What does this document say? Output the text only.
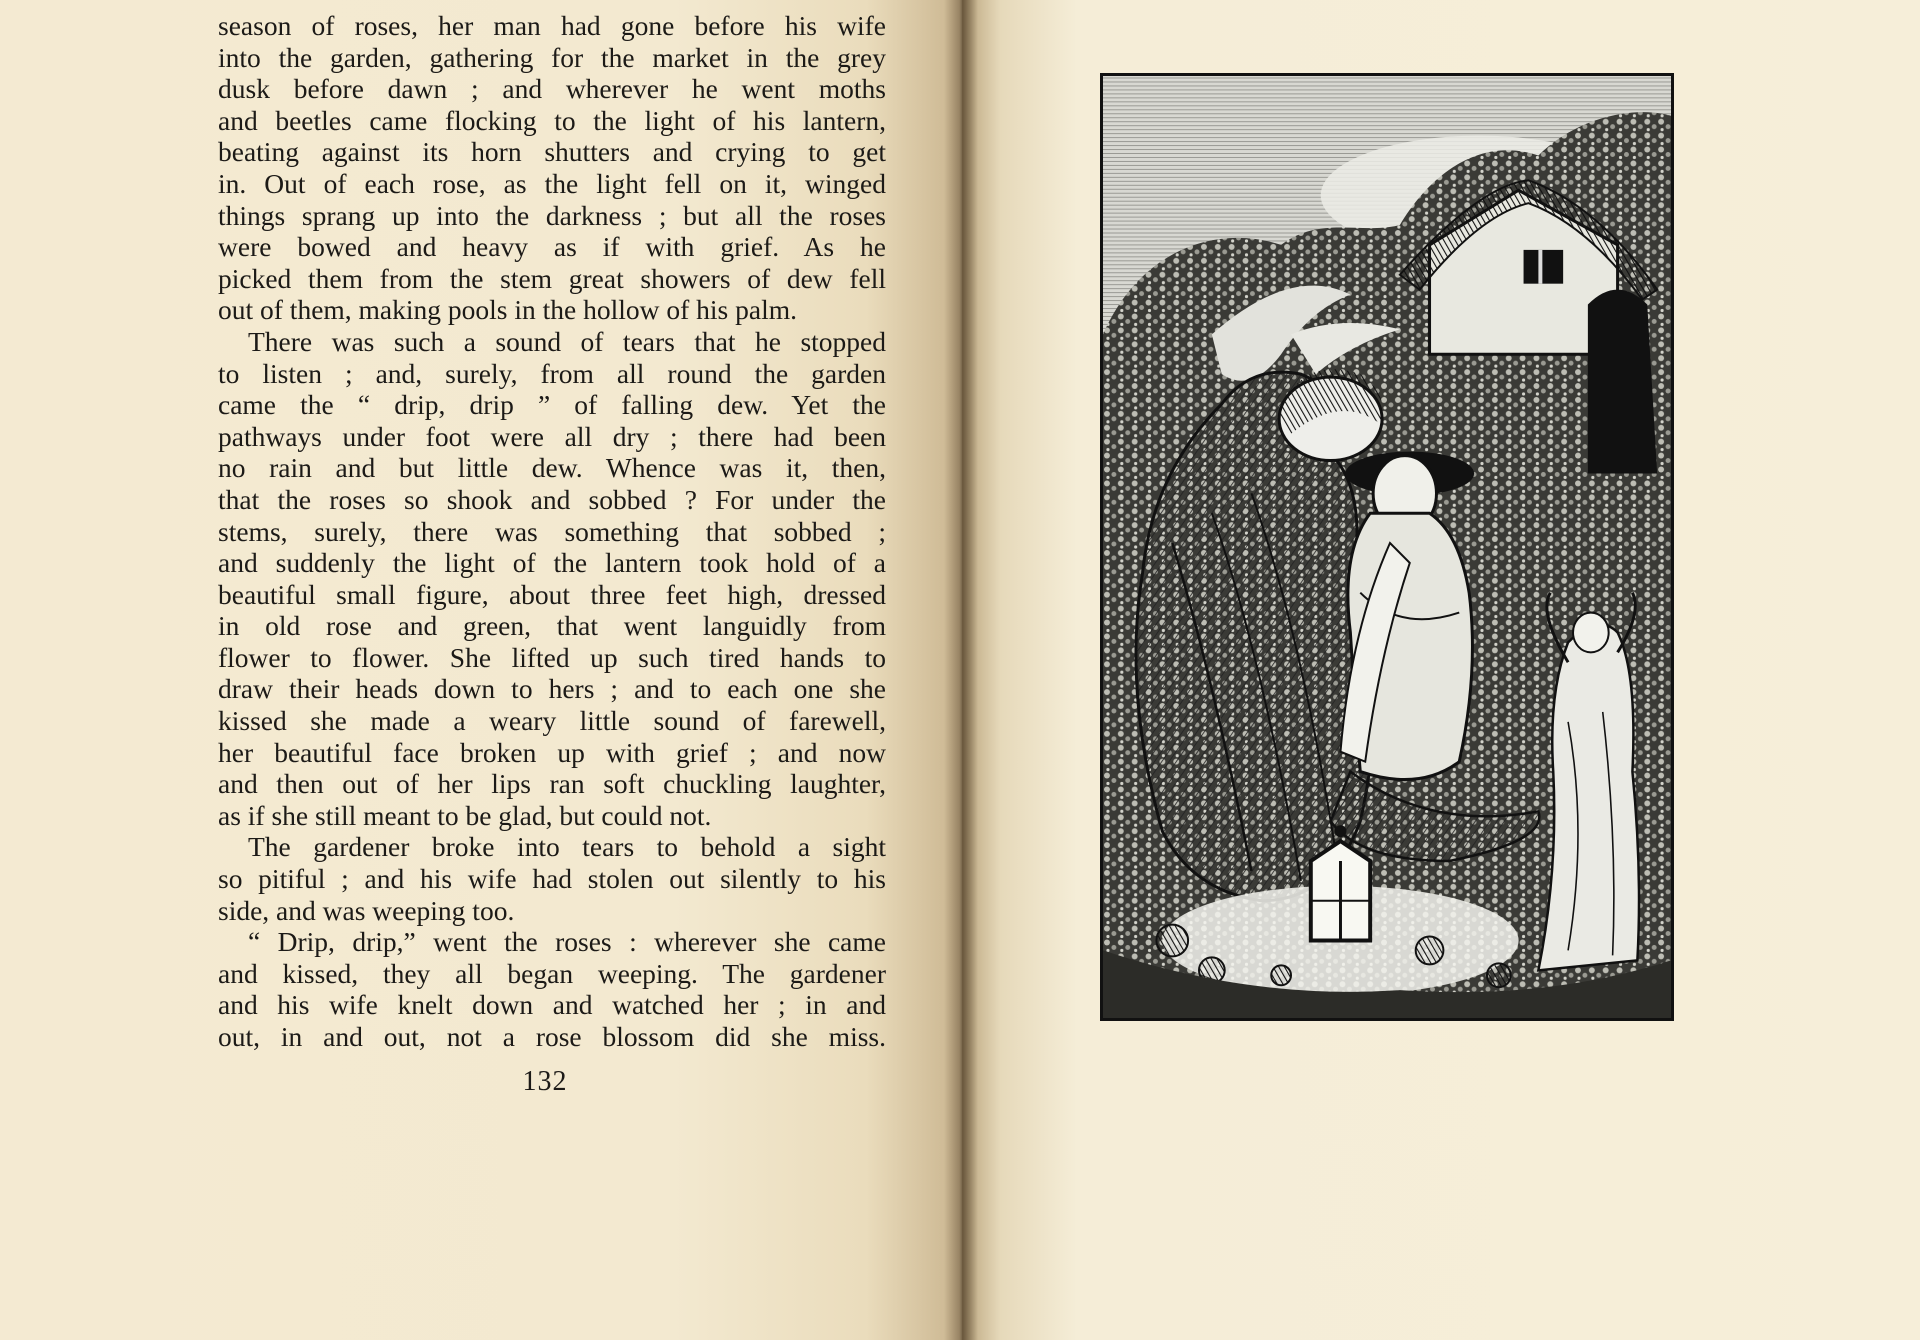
season of roses, her man had gone before his wife
into the garden, gathering for the market in the grey
dusk before dawn ; and wherever he went moths
and beetles came flocking to the light of his lantern,
beating against its horn shutters and crying to get
in. Out of each rose, as the light fell on it, winged
things sprang up into the darkness ; but all the roses
were bowed and heavy as if with grief. As he
picked them from the stem great showers of dew fell
out of them, making pools in the hollow of his palm.
There was such a sound of tears that he stopped
to listen ; and, surely, from all round the garden
came the “ drip, drip ” of falling dew. Yet the
pathways under foot were all dry ; there had been
no rain and but little dew. Whence was it, then,
that the roses so shook and sobbed ? For under the
stems, surely, there was something that sobbed ;
and suddenly the light of the lantern took hold of a
beautiful small figure, about three feet high, dressed
in old rose and green, that went languidly from
flower to flower. She lifted up such tired hands to
draw their heads down to hers ; and to each one she
kissed she made a weary little sound of farewell,
her beautiful face broken up with grief ; and now
and then out of her lips ran soft chuckling laughter,
as if she still meant to be glad, but could not.
The gardener broke into tears to behold a sight
so pitiful ; and his wife had stolen out silently to his
side, and was weeping too.
“ Drip, drip,” went the roses : wherever she came
and kissed, they all began weeping. The gardener
and his wife knelt down and watched her ; in and
out, in and out, not a rose blossom did she miss.
132
